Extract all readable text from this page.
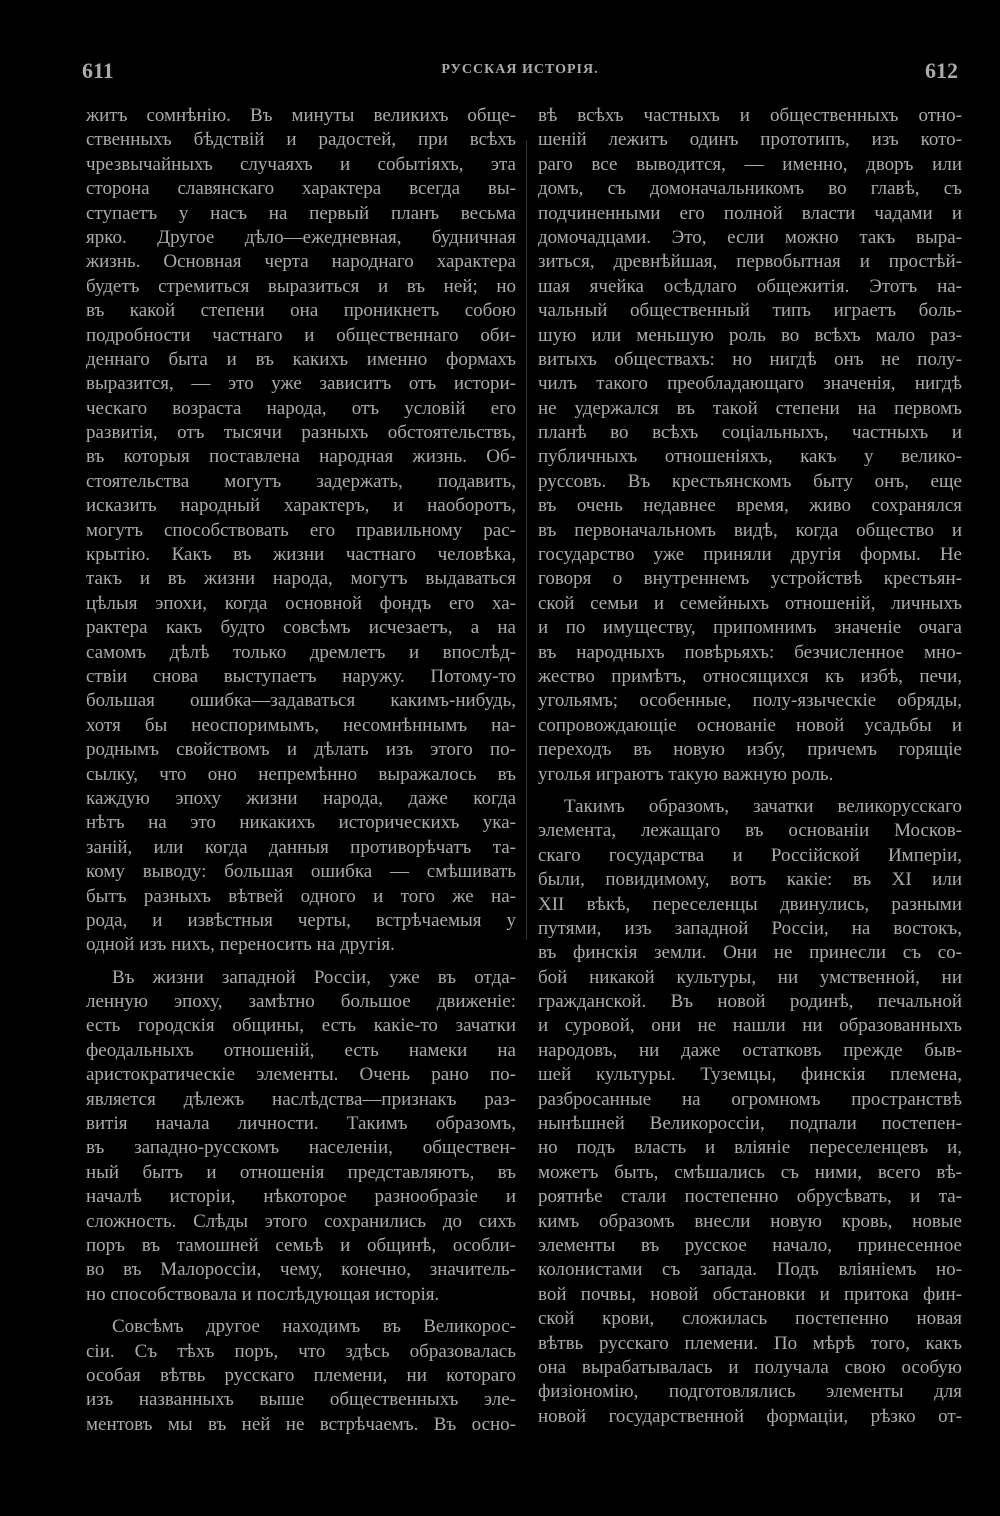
611	РУССКАЯ ИСТОРІЯ.	612
житъ сомнѣнію. Въ минуты великихъ обще-
ственныхъ бѣдствій и радостей, при всѣхъ
чрезвычайныхъ случаяхъ и событіяхъ, эта
сторона славянскаго характера всегда вы-
ступаетъ у насъ на первый планъ весьма
ярко. Другое дѣло—ежедневная, будничная
жизнь. Основная черта народнаго характера
будетъ стремиться выразиться и въ ней; но
въ какой степени она проникнетъ собою
подробности частнаго и общественнаго оби-
деннаго быта и въ какихъ именно формахъ
выразится, — это уже зависитъ отъ истори-
ческаго возраста народа, отъ условій его
развитія, отъ тысячи разныхъ обстоятельствъ,
въ которыя поставлена народная жизнь. Об-
стоятельства могутъ задержать, подавить,
исказить народный характеръ, и наоборотъ,
могутъ способствовать его правильному рас-
крытію. Какъ въ жизни частнаго человѣка,
такъ и въ жизни народа, могутъ выдаваться
цѣлыя эпохи, когда основной фондъ его ха-
рактера какъ будто совсѣмъ исчезаетъ, а на
самомъ дѣлѣ только дремлетъ и впослѣд-
ствіи снова выступаетъ наружу. Потому-то
большая ошибка—задаваться какимъ-нибудь,
хотя бы неоспоримымъ, несомнѣннымъ на-
роднымъ свойствомъ и дѣлать изъ этого по-
сылку, что оно непремѣнно выражалось въ
каждую эпоху жизни народа, даже когда
нѣтъ на это никакихъ историческихъ ука-
заній, или когда данныя противорѣчатъ та-
кому выводу: большая ошибка — смѣшивать
бытъ разныхъ вѣтвей одного и того же на-
рода, и извѣстныя черты, встрѣчаемыя у
одной изъ нихъ, переносить на другія.
Въ жизни западной Россіи, уже въ отда-
ленную эпоху, замѣтно большое движеніе:
есть городскія общины, есть какіе-то зачатки
феодальныхъ отношеній, есть намеки на
аристократическіе элементы. Очень рано по-
является дѣлежъ наслѣдства—признакъ раз-
витія начала личности. Такимъ образомъ,
въ западно-русскомъ населеніи, обществен-
ный бытъ и отношенія представляютъ, въ
началѣ исторіи, нѣкоторое разнообразіе и
сложность. Слѣды этого сохранились до сихъ
поръ въ тамошней семьѣ и общинѣ, особли-
во въ Малороссіи, чему, конечно, значитель-
но способствовала и послѣдующая исторія.
Совсѣмъ другое находимъ въ Великорос-
сіи. Съ тѣхъ поръ, что здѣсь образовалась
особая вѣтвь русскаго племени, ни котораго
изъ названныхъ выше общественныхъ эле-
ментовъ мы въ ней не встрѣчаемъ. Въ осно-
вѣ всѣхъ частныхъ и общественныхъ отно-
шеній лежитъ одинъ прототипъ, изъ кото-
раго все выводится, — именно, дворъ или
домъ, съ домоначальникомъ во главѣ, съ
подчиненными его полной власти чадами и
домочадцами. Это, если можно такъ выра-
зиться, древнѣйшая, первобытная и простѣй-
шая ячейка осѣдлаго общежитія. Этотъ на-
чальный общественный типъ играетъ боль-
шую или меньшую роль во всѣхъ мало раз-
витыхъ обществахъ: но нигдѣ онъ не полу-
чилъ такого преобладающаго значенія, нигдѣ
не удержался въ такой степени на первомъ
планѣ во всѣхъ соціальныхъ, частныхъ и
публичныхъ отношеніяхъ, какъ у велико-
руссовъ. Въ крестьянскомъ быту онъ, еще
въ очень недавнее время, живо сохранялся
въ первоначальномъ видѣ, когда общество и
государство уже приняли другія формы. Не
говоря о внутреннемъ устройствѣ крестьян-
ской семьи и семейныхъ отношеній, личныхъ
и по имуществу, припомнимъ значеніе очага
въ народныхъ повѣрьяхъ: безчисленное мно-
жество примѣтъ, относящихся къ избѣ, печи,
угольямъ; особенные, полу-языческіе обряды,
сопровождающіе основаніе новой усадьбы и
переходъ въ новую избу, причемъ горящіе
уголья играютъ такую важную роль.
Такимъ образомъ, зачатки великорусскаго
элемента, лежащаго въ основаніи Москов-
скаго государства и Россійской Имперіи,
были, повидимому, вотъ какіе: въ XI или
XII вѣкѣ, переселенцы двинулись, разными
путями, изъ западной Россіи, на востокъ,
въ финскія земли. Они не принесли съ со-
бой никакой культуры, ни умственной, ни
гражданской. Въ новой родинѣ, печальной
и суровой, они не нашли ни образованныхъ
народовъ, ни даже остатковъ прежде быв-
шей культуры. Туземцы, финскія племена,
разбросанные на огромномъ пространствѣ
нынѣшней Великороссіи, подпали постепен-
но подъ власть и вліяніе переселенцевъ и,
можетъ быть, смѣшались съ ними, всего вѣ-
роятнѣе стали постепенно обрусѣвать, и та-
кимъ образомъ внесли новую кровь, новые
элементы въ русское начало, принесенное
колонистами съ запада. Подъ вліяніемъ но-
вой почвы, новой обстановки и притока фин-
ской крови, сложилась постепенно новая
вѣтвь русскаго племени. По мѣрѣ того, какъ
она вырабатывалась и получала свою особую
физіономію, подготовлялись элементы для
новой государственной формаціи, рѣзко от-
